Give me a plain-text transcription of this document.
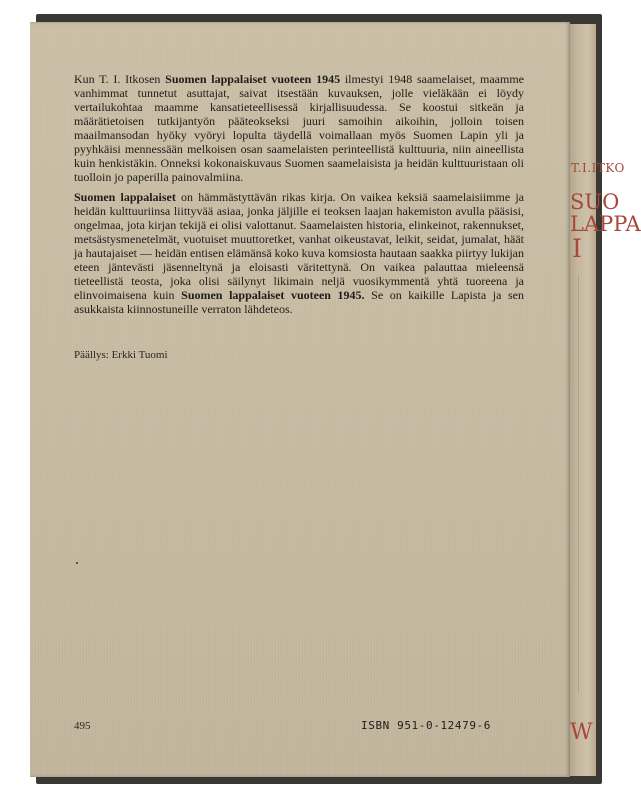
T.I.ITKO
SUO
LAPPA
I
W

Kun T. I. Itkosen Suomen lappalaiset vuoteen 1945 ilmestyi 1948 saamelaiset, maamme vanhimmat tunnetut asuttajat, saivat itsestään kuvauksen, jolle vieläkään ei löydy vertailukohtaa maamme kansatieteellisessä kirjallisuudessa. Se koostui sitkeän ja määrätietoisen tutkijantyön pääteokseksi juuri samoihin aikoihin, jolloin toisen maailmansodan hyöky vyöryi lopulta täydellä voimallaan myös Suomen Lapin yli ja pyyhkäisi mennessään melkoisen osan saamelaisten perinteellistä kulttuuria, niin aineellista kuin henkistäkin. Onneksi kokonaiskuvaus Suomen saamelaisista ja heidän kulttuuristaan oli tuolloin jo paperilla painovalmiina.

Suomen lappalaiset on hämmästyttävän rikas kirja. On vaikea keksiä saamelaisiimme ja heidän kulttuuriinsa liittyvää asiaa, jonka jäljille ei teoksen laajan hakemiston avulla pääsisi, ongelmaa, jota kirjan tekijä ei olisi valottanut. Saamelaisten historia, elinkeinot, rakennukset, metsästysmenetelmät, vuotuiset muuttoretket, vanhat oikeustavat, leikit, seidat, jumalat, häät ja hautajaiset — heidän entisen elämänsä koko kuva komsiosta hautaan saakka piirtyy lukijan eteen jäntevästi jäsenneltynä ja eloisasti väritettynä. On vaikea palauttaa mieleensä tieteellistä teosta, joka olisi säilynyt likimain neljä vuosikymmentä yhtä tuoreena ja elinvoimaisena kuin Suomen lappalaiset vuoteen 1945. Se on kaikille Lapista ja sen asukkaista kiinnostuneille verraton lähdeteos.

Päällys: Erkki Tuomi
495	ISBN 951-0-12479-6
